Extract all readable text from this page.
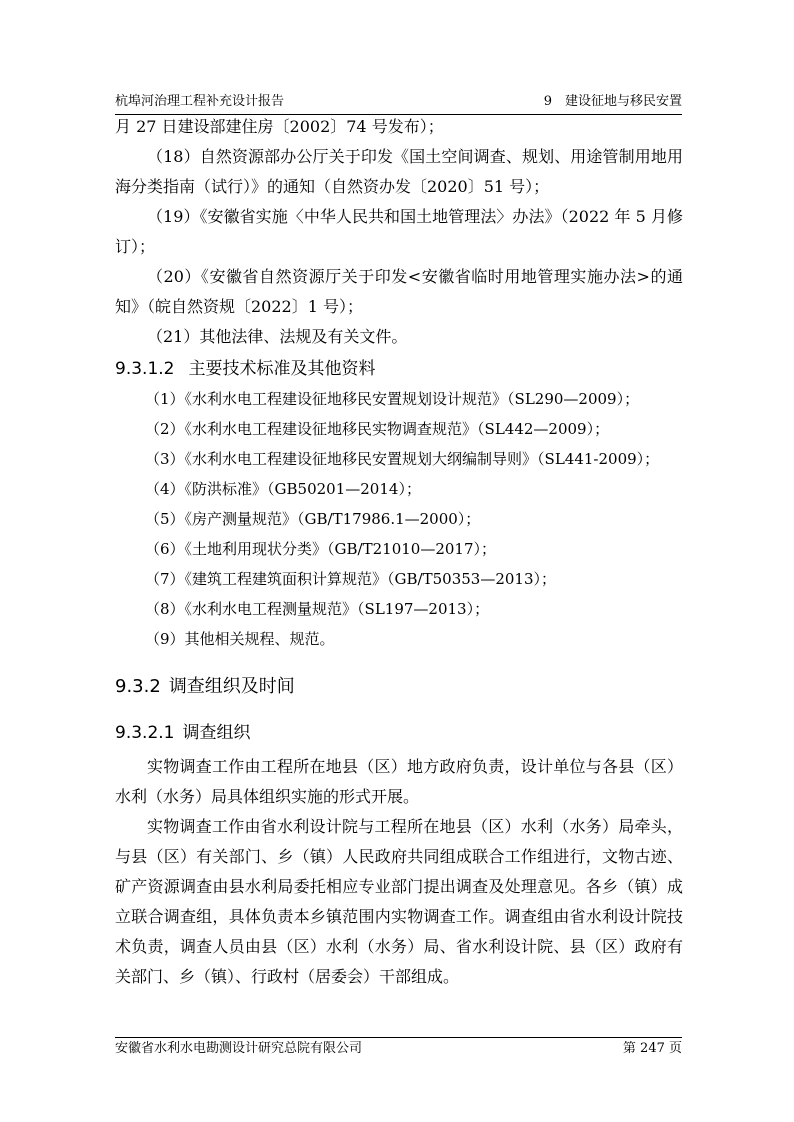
杭埠河治理工程补充设计报告	9　建设征地与移民安置

月 27 日建设部建住房〔2002〕74 号发布）；

（18）自然资源部办公厅关于印发《国土空间调查、规划、用途管制用地用海分类指南（试行）》的通知（自然资办发〔2020〕51 号）；

（19）《安徽省实施〈中华人民共和国土地管理法〉办法》（2022 年 5 月修订）；

（20）《安徽省自然资源厅关于印发<安徽省临时用地管理实施办法>的通知》（皖自然资规〔2022〕1 号）；

（21）其他法律、法规及有关文件。

9.3.1.2 主要技术标准及其他资料

（1）《水利水电工程建设征地移民安置规划设计规范》（SL290—2009）；

（2）《水利水电工程建设征地移民实物调查规范》（SL442—2009）；

（3）《水利水电工程建设征地移民安置规划大纲编制导则》（SL441-2009）；

（4）《防洪标准》（GB50201—2014）；

（5）《房产测量规范》（GB/T17986.1—2000）；

（6）《土地利用现状分类》（GB/T21010—2017）；

（7）《建筑工程建筑面积计算规范》（GB/T50353—2013）；

（8）《水利水电工程测量规范》（SL197—2013）；

（9）其他相关规程、规范。

9.3.2 调查组织及时间
9.3.2.1 调查组织

实物调查工作由工程所在地县（区）地方政府负责，设计单位与各县（区）水利（水务）局具体组织实施的形式开展。

实物调查工作由省水利设计院与工程所在地县（区）水利（水务）局牵头，与县（区）有关部门、乡（镇）人民政府共同组成联合工作组进行，文物古迹、矿产资源调查由县水利局委托相应专业部门提出调查及处理意见。各乡（镇）成立联合调查组，具体负责本乡镇范围内实物调查工作。调查组由省水利设计院技术负责，调查人员由县（区）水利（水务）局、省水利设计院、县（区）政府有关部门、乡（镇）、行政村（居委会）干部组成。

安徽省水利水电勘测设计研究总院有限公司	第 247 页
